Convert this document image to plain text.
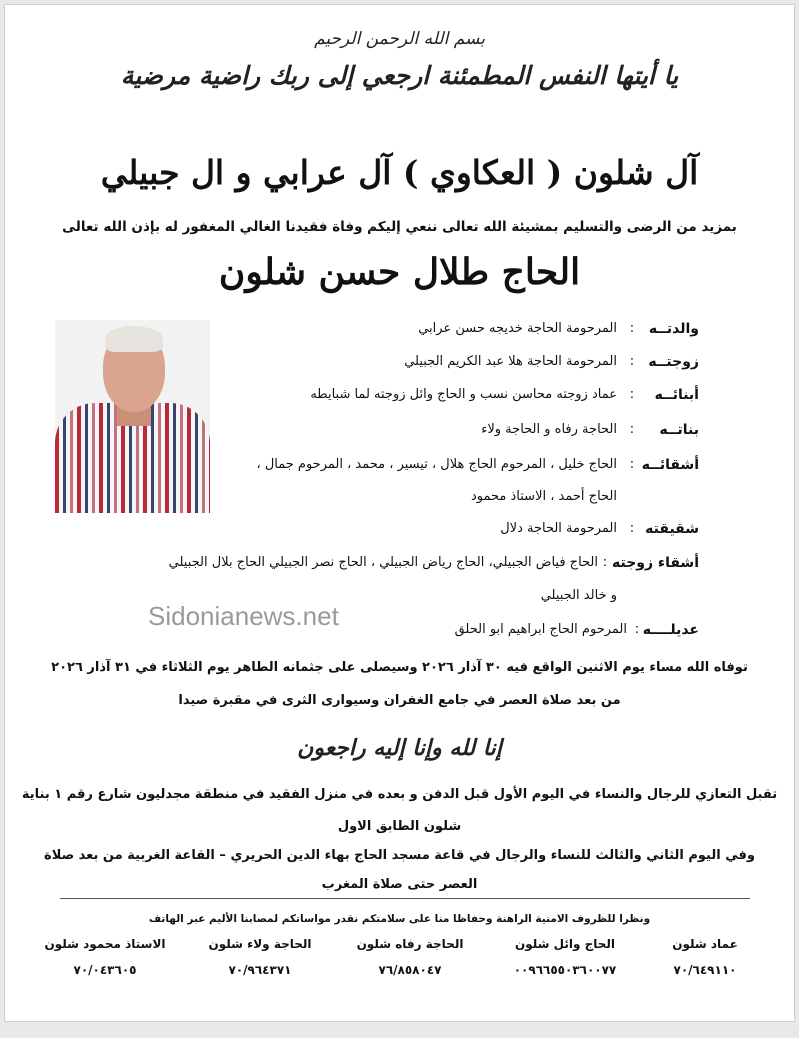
بسم الله الرحمن الرحيم
يا أيتها النفس المطمئنة ارجعي إلى ربك راضية مرضية
آل شلون ( العكاوي ) آل عرابي و ال جبيلي
بمزيد من الرضى والتسليم بمشيئة الله تعالى ننعي إليكم وفاة فقيدنا الغالي المغفور له بإذن الله تعالى
الحاج طلال حسن شلون
والدتــه
:
المرحومة الحاجة خديجه حسن عرابي
زوجتــه
:
المرحومة الحاجة هلا عبد الكريم الجبيلي
أبنائــه
:
عماد زوجته محاسن نسب و الحاج وائل زوجته لما شبايطه
بناتــه
:
الحاجة رفاه و الحاجة ولاء
أشقائــه
:
الحاج خليل ، المرحوم الحاج هلال ، تيسير ، محمد ، المرحوم جمال ،
الحاج أحمد ، الاستاذ محمود
شقيقته
:
المرحومة الحاجة دلال
أشقاء زوجته
:
الحاج فياض الجبيلي، الحاج رياض الجبيلي ، الحاج نصر الجبيلي الحاج بلال الجبيلي
و خالد الجبيلي
عديلــــه
:
المرحوم الحاج ابراهيم ابو الحلق
Sidonianews.net
توفاه الله مساء يوم الاثنين الواقع فيه ٣٠ آذار ٢٠٢٦ وسيصلى على جثمانه الطاهر يوم الثلاثاء في ٣١ آذار ٢٠٢٦
من بعد صلاة العصر في جامع الغفران وسيوارى الثرى في مقبرة صيدا
إنا لله وإنا إليه راجعون
تقبل التعازي للرجال والنساء في اليوم الأول قبل الدفن و بعده في منزل الفقيد في منطقة مجدليون شارع رقم ١ بناية
شلون الطابق الاول
وفي اليوم الثاني والثالث للنساء والرجال في قاعة مسجد الحاج بهاء الدين الحريري – القاعة الغربية من بعد صلاة
العصر حتى صلاة المغرب
ونظرا للظروف الامنية الراهنة وحفاظا منا على سلامتكم نقدر مواساتكم لمصابنا الأليم عبر الهاتف
عماد شلون
٧٠/٦٤٩١١٠
الحاج وائل شلون
٠٠٩٦٦٥٥٠٣٦٠٠٧٧
الحاجة رفاه شلون
٧٦/٨٥٨٠٤٧
الحاجة ولاء شلون
٧٠/٩٦٤٣٧١
الاستاذ محمود شلون
٧٠/٠٤٣٦٠٥
